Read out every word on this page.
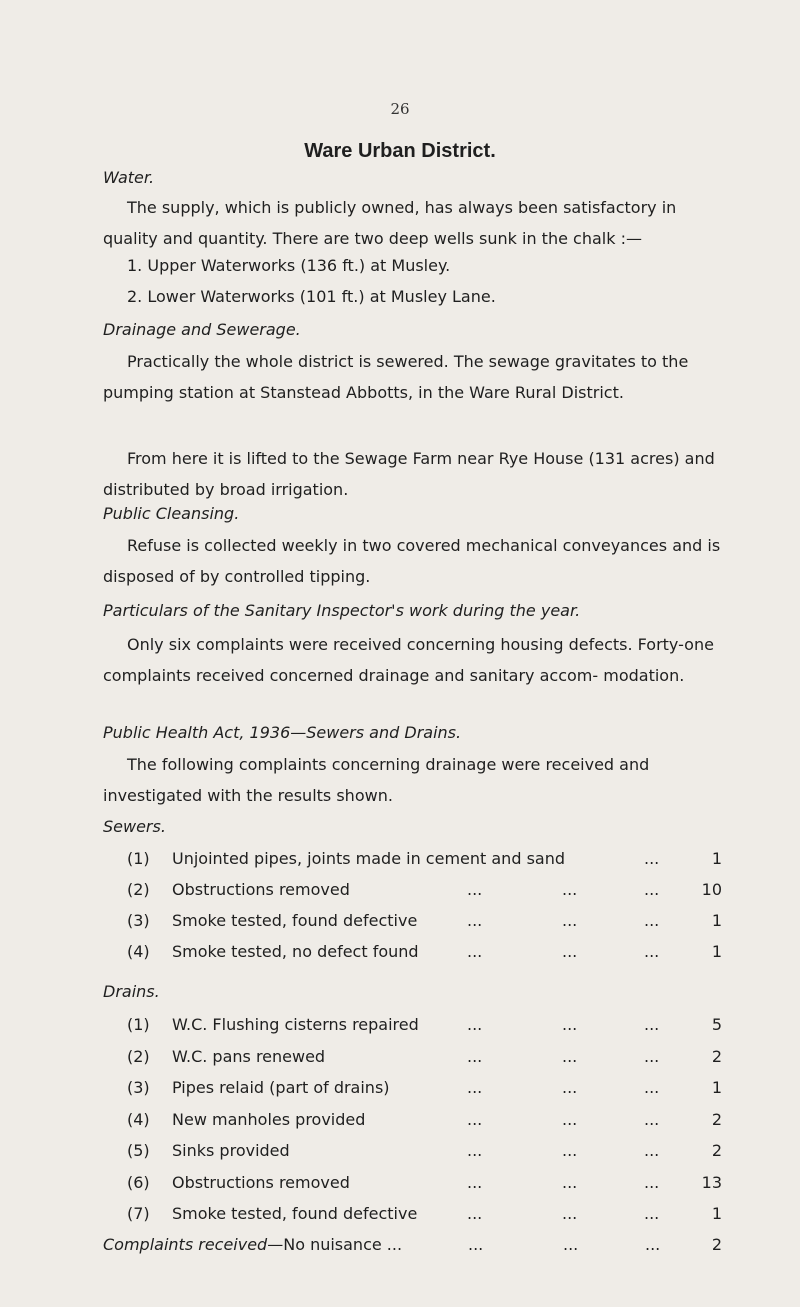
26
Ware Urban District.
Water.
The supply, which is publicly owned, has always been satisfactory in quality and quantity. There are two deep wells sunk in the chalk :—
1. Upper Waterworks (136 ft.) at Musley.
2. Lower Waterworks (101 ft.) at Musley Lane.
Drainage and Sewerage.
Practically the whole district is sewered. The sewage gravitates to the pumping station at Stanstead Abbotts, in the Ware Rural District.
From here it is lifted to the Sewage Farm near Rye House (131 acres) and distributed by broad irrigation.
Public Cleansing.
Refuse is collected weekly in two covered mechanical conveyances and is disposed of by controlled tipping.
Particulars of the Sanitary Inspector's work during the year.
Only six complaints were received concerning housing defects. Forty-one complaints received concerned drainage and sanitary accom- modation.
Public Health Act, 1936—Sewers and Drains.
The following complaints concerning drainage were received and investigated with the results shown.
Sewers.
(1) Unjointed pipes, joints made in cement and sand	...	1
(2) Obstructions removed	...	...	...	10
(3) Smoke tested, found defective	...	...	...	1
(4) Smoke tested, no defect found	...	...	...	1
Drains.
(1) W.C. Flushing cisterns repaired	...	...	...	5
(2) W.C. pans renewed	...	...	...	2
(3) Pipes relaid (part of drains)	...	...	...	1
(4) New manholes provided	...	...	...	2
(5) Sinks provided	...	...	...	2
(6) Obstructions removed	...	...	...	13
(7) Smoke tested, found defective	...	...	...	1
Complaints received—No nuisance ...	...	...	...	2
